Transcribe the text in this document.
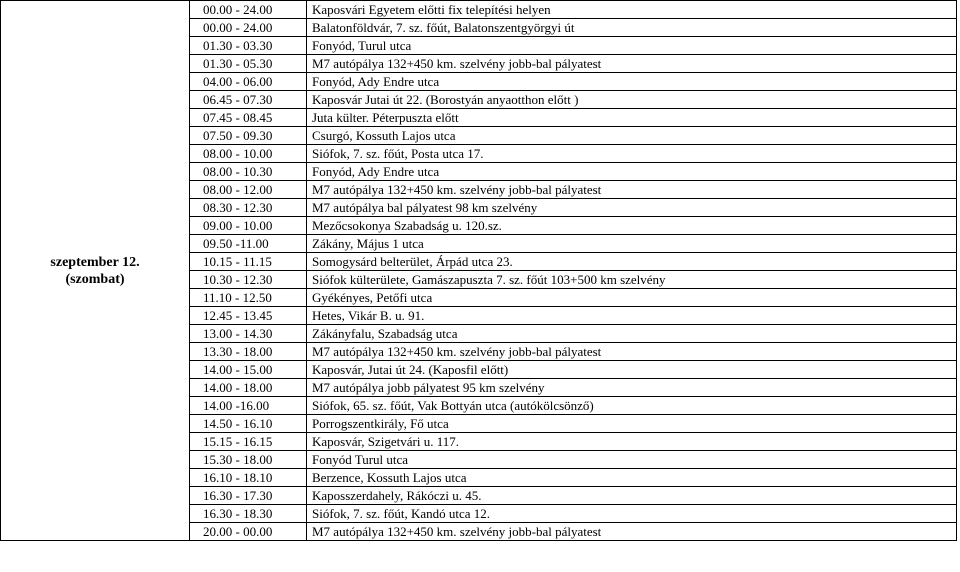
szeptember 12.
(szombat)	00.00 - 24.00	Kaposvári Egyetem előtti fix telepítési helyen
	00.00 - 24.00	Balatonföldvár, 7. sz. főút, Balatonszentgyörgyi út
	01.30 - 03.30	Fonyód, Turul utca
	01.30 - 05.30	M7 autópálya 132+450 km. szelvény jobb-bal pályatest
	04.00 - 06.00	Fonyód, Ady Endre utca
	06.45 - 07.30	Kaposvár Jutai út 22. (Borostyán anyaotthon előtt )
	07.45 - 08.45	Juta külter. Péterpuszta előtt
	07.50 - 09.30	Csurgó, Kossuth Lajos utca
	08.00 - 10.00	Siófok, 7. sz. főút, Posta utca 17.
	08.00 - 10.30	Fonyód, Ady Endre utca
	08.00 - 12.00	M7 autópálya 132+450 km. szelvény jobb-bal pályatest
	08.30 - 12.30	M7 autópálya bal pályatest 98 km szelvény
	09.00 - 10.00	Mezőcsokonya Szabadság u. 120.sz.
	09.50 -11.00	Zákány, Május 1 utca
	10.15 - 11.15	Somogysárd belterület, Árpád utca 23.
	10.30 - 12.30	Siófok külterülete, Gamászapuszta 7. sz. főút 103+500 km szelvény
	11.10 - 12.50	Gyékényes, Petőfi utca
	12.45 - 13.45	Hetes, Vikár B. u. 91.
	13.00 - 14.30	Zákányfalu, Szabadság utca
	13.30 - 18.00	M7 autópálya 132+450 km. szelvény jobb-bal pályatest
	14.00 - 15.00	Kaposvár, Jutai út 24. (Kaposfil előtt)
	14.00 - 18.00	M7 autópálya jobb pályatest 95 km szelvény
	14.00 -16.00	Siófok, 65. sz. főút, Vak Bottyán utca (autókölcsönző)
	14.50 - 16.10	Porrogszentkirály, Fő utca
	15.15 - 16.15	Kaposvár, Szigetvári u. 117.
	15.30 - 18.00	Fonyód Turul utca
	16.10 - 18.10	Berzence, Kossuth Lajos utca
	16.30 - 17.30	Kaposszerdahely, Rákóczi u. 45.
	16.30 - 18.30	Siófok, 7. sz. főút, Kandó utca 12.
	20.00 - 00.00	M7 autópálya 132+450 km. szelvény jobb-bal pályatest
